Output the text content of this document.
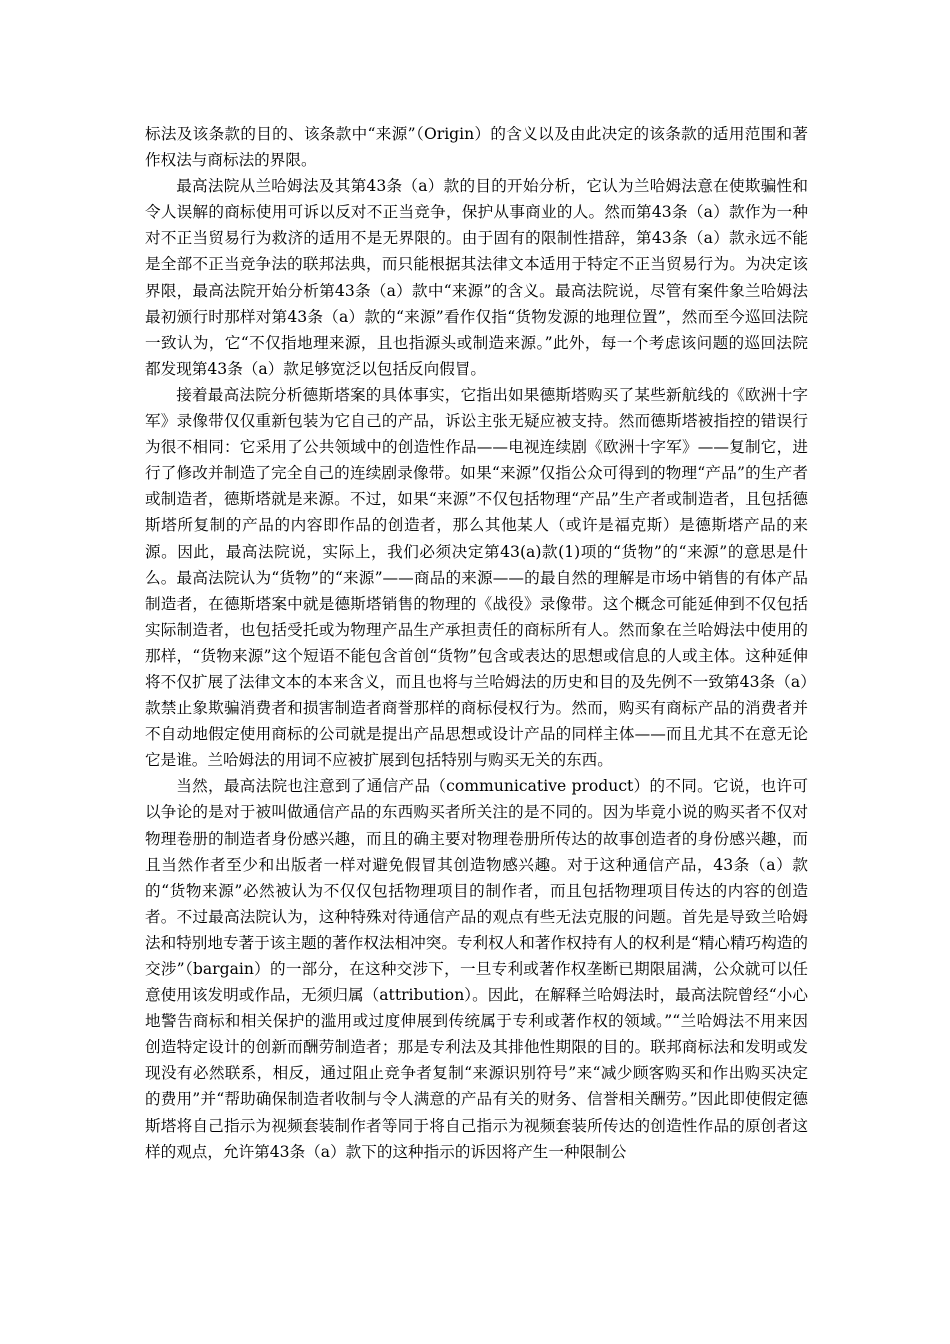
标法及该条款的目的、该条款中“来源”（Origin）的含义以及由此决定的该条款的适用范围和著作权法与商标法的界限。

最高法院从兰哈姆法及其第43条（a）款的目的开始分析，它认为兰哈姆法意在使欺骗性和令人误解的商标使用可诉以反对不正当竞争，保护从事商业的人。然而第43条（a）款作为一种对不正当贸易行为救济的适用不是无界限的。由于固有的限制性措辞，第43条（a）款永远不能是全部不正当竞争法的联邦法典，而只能根据其法律文本适用于特定不正当贸易行为。为决定该界限，最高法院开始分析第43条（a）款中“来源”的含义。最高法院说，尽管有案件象兰哈姆法最初颁行时那样对第43条（a）款的“来源”看作仅指“货物发源的地理位置”，然而至今巡回法院一致认为，它“不仅指地理来源，且也指源头或制造来源。”此外，每一个考虑该问题的巡回法院都发现第43条（a）款足够宽泛以包括反向假冒。

接着最高法院分析德斯塔案的具体事实，它指出如果德斯塔购买了某些新航线的《欧洲十字军》录像带仅仅重新包装为它自己的产品，诉讼主张无疑应被支持。然而德斯塔被指控的错误行为很不相同：它采用了公共领域中的创造性作品——电视连续剧《欧洲十字军》——复制它，进行了修改并制造了完全自己的连续剧录像带。如果“来源”仅指公众可得到的物理“产品”的生产者或制造者，德斯塔就是来源。不过，如果“来源”不仅包括物理“产品”生产者或制造者，且包括德斯塔所复制的产品的内容即作品的创造者，那么其他某人（或许是福克斯）是德斯塔产品的来源。因此，最高法院说，实际上，我们必须决定第43(a)款(1)项的“货物”的“来源”的意思是什么。最高法院认为“货物”的“来源”——商品的来源——的最自然的理解是市场中销售的有体产品制造者，在德斯塔案中就是德斯塔销售的物理的《战役》录像带。这个概念可能延伸到不仅包括实际制造者，也包括受托或为物理产品生产承担责任的商标所有人。然而象在兰哈姆法中使用的那样，“货物来源”这个短语不能包含首创“货物”包含或表达的思想或信息的人或主体。这种延伸将不仅扩展了法律文本的本来含义，而且也将与兰哈姆法的历史和目的及先例不一致第43条（a）款禁止象欺骗消费者和损害制造者商誉那样的商标侵权行为。然而，购买有商标产品的消费者并不自动地假定使用商标的公司就是提出产品思想或设计产品的同样主体——而且尤其不在意无论它是谁。兰哈姆法的用词不应被扩展到包括特别与购买无关的东西。

当然，最高法院也注意到了通信产品（communicative product）的不同。它说，也许可以争论的是对于被叫做通信产品的东西购买者所关注的是不同的。因为毕竟小说的购买者不仅对物理卷册的制造者身份感兴趣，而且的确主要对物理卷册所传达的故事创造者的身份感兴趣，而且当然作者至少和出版者一样对避免假冒其创造物感兴趣。对于这种通信产品，43条（a）款的“货物来源”必然被认为不仅仅包括物理项目的制作者，而且包括物理项目传达的内容的创造者。不过最高法院认为，这种特殊对待通信产品的观点有些无法克服的问题。首先是导致兰哈姆法和特别地专著于该主题的著作权法相冲突。专利权人和著作权持有人的权利是“精心精巧构造的交涉”（bargain）的一部分，在这种交涉下，一旦专利或著作权垄断已期限届满，公众就可以任意使用该发明或作品，无须归属（attribution）。因此，在解释兰哈姆法时，最高法院曾经“小心地警告商标和相关保护的滥用或过度伸展到传统属于专利或著作权的领域。”“兰哈姆法不用来因创造特定设计的创新而酬劳制造者；那是专利法及其排他性期限的目的。联邦商标法和发明或发现没有必然联系，相反，通过阻止竞争者复制“来源识别符号”来“减少顾客购买和作出购买决定的费用”并“帮助确保制造者收制与令人满意的产品有关的财务、信誉相关酬劳。”因此即使假定德斯塔将自己指示为视频套装制作者等同于将自己指示为视频套装所传达的创造性作品的原创者这样的观点，允许第43条（a）款下的这种指示的诉因将产生一种限制公
